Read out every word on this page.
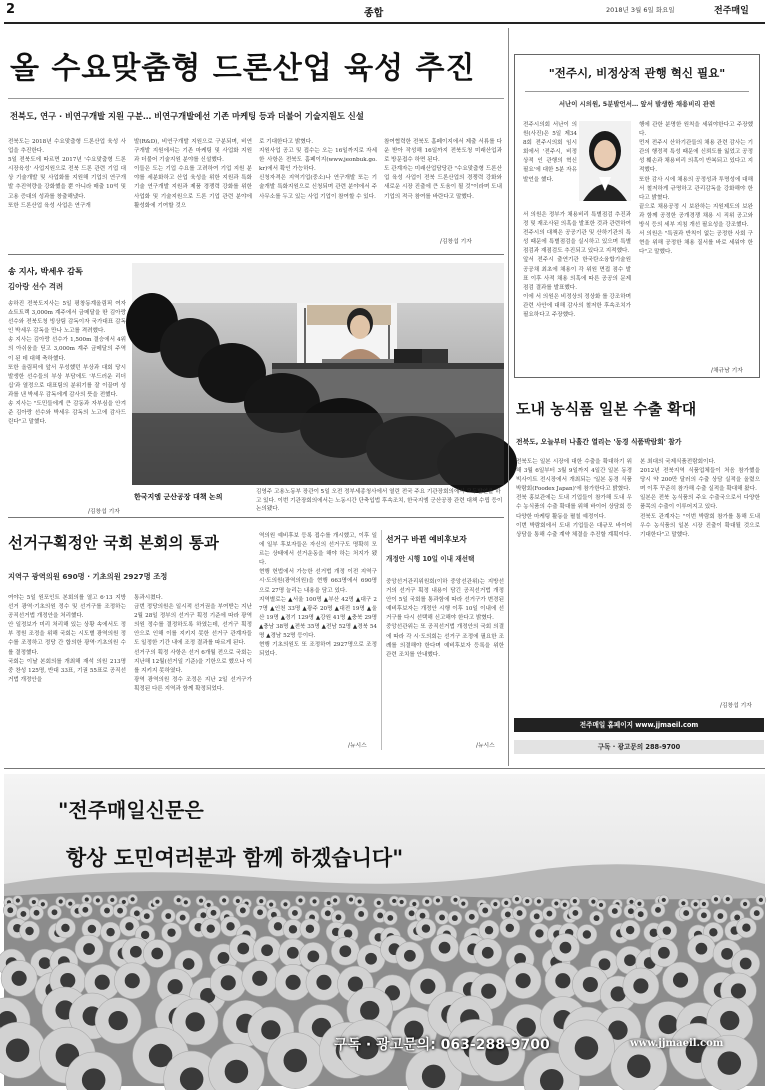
2	종합	2018년 3월 6일 화요일	전주매일
올 수요맞춤형 드론산업 육성 추진
전북도, 연구 · 비연구개발 지원 구분… 비연구개발에선 기존 마케팅 등과 더불어 기술지원도 신설
전북도는 2018년 수요맞춤형 드론산업 육성 사업을 추진한다.
5일 전북도에 따르면 2017년 '수요맞춤형 드론 시장육성' 사업지원으로 전북 드론 관련 기업 대상 기술개발 및 사업화를 지원해 기업의 연구개발 추진역량을 강화했을 뿐 아니라 매출 10억 및 고용 증대의 성과를 창출해냈다.
또한 드론산업 육성 사업은 연구개
발(R&D), 비연구개발 지원으로 구분되며, 비연구개발 지원에서는 기존 마케팅 및 사업화 지원과 더불어 기술지원 분야를 신설했다.
이들은 도는 기업 수요를 고려하여 기업 지원 분야를 세분화하고 산업 육성을 위한 지원과 특화기술 연구개발 지원과 제품 경쟁력 강화를 위한 사업화 및 기술지원으로 드론 기업 관련 분야에 활성화에 기여할 것으
로 기대한다고 밝혔다.
지원사업 공고 및 접수는 오는 16일까지로 자세한 사항은 전북도 홈페이지(www.jeonbuk.go.kr)에서 확인 가능하다.
신청자격은 지역기업(중소)나 연구개발 또는 기술개발 특화지원으로 신청되며 관련 분야에서 주 사무소를 두고 있는 사업 기업이 참여할 수 있다.
참여협력한 전북도 홈페이지에서 제출 서류를 다운 받아 작성해 16일까지 전북도청 미래산업과로 방문접수 하면 된다.
도 관계자는 미래산업담당관 "수요맞춤형 드론산업 육성 사업이 전북 드론산업의 경쟁력 강화와 새로운 시장 진출에 큰 도움이 될 것"이라며 도내 기업의 적극 참여를 바란다고 말했다.
/김창섭 기자
송 지사, 박세우 감독
김아랑 선수 격려
송하진 전북도지사는 5일 평창동계올림픽 여자 쇼트트랙 3,000m 계주에서 금메달을 딴 김아랑 선수와 전북도청 빙상팀 감독이자 국가대표 감독인 박세우 감독을 만나 노고를 격려했다.
송 지사는 김아랑 선수가 1,500m 결승에서 4위의 아쉬움을 딛고 3,000m 계주 금메달의 주역이 된 데 대해 축하했다.
또한 올림픽에 앞서 무성했던 부상과 대회 당시 발생한 선수들의 부상 부담에도 '부드러운 리더십'과 열정으로 대표팀의 분위기를 잘 이끌며 성과를 낸 박세우 감독에게 감사의 뜻을 전했다.
송 지사는 "도민들에게 큰 감동과 자부심을 안겨 준 김아랑 선수와 박세우 감독의 노고에 감사드린다"고 말했다.
/김창섭 기자
한국지엠 군산공장 대책 논의
김영주 고용노동부 장관이 5일 오전 정부세종청사에서 열린 전국 주요 기관장회의에서 모두발언을 하고 있다. 이번 기관장회의에서는 노동시간 단축입법 후속조치, 한국지엠 군산공장 관련 대책 수립 등이 논의됐다.
선거구획정안 국회 본회의 통과
지역구 광역의원 690명 · 기초의원 2927명 조정
여야는 5일 원포인트 본회의를 열고 6·13 지방선거 광역·기초의원 정수 및 선거구를 조정하는 공직선거법 개정안을 처리했다.
안 일정보가 미리 처리해 있는 상황 속에서도 정부 정원 조정을 위해 국회는 시도별 광역의원 정수를 조정하고 정당 간 합의한 광역·기초의원 수를 결정했다.
국회는 이날 본회의를 개최해 재석 의원 213명 중 찬성 125명, 반대 33표, 기권 55표로 공직선거법 개정안을
통과시켰다.
금번 정당의원은 일시적 선거권을 부여받는 지난 2월 28일 정부의 선거구 획정 기준에 따라 광역의원 정수를 결정하도록 하였는데, 선거구 획정안으로 인해 이를 지키지 못한 선거구 관계자들도 일정한 기간 내에 조정 결과를 따르게 된다.
선거구의 획정 사항은 선거 6개월 전으로 국회는 지난해 12월(선거일 기준)을 기한으로 했으나 이를 지키지 못하였다.
광역 광역의원 정수 조정은 지난 2일 선거구가 획정된 다른 지역과 함께 확정되었다.
역의원 예비후보 등록 접수를 개시했고, 이후 일에 일부 후보자들은 자신의 선거구도 명확히 모르는 상태에서 선거운동을 해야 하는 처지가 됐다.
현행 헌법에서 가능한 선거법 개정 이전 지역구 시·도의원(광역의원)을 현행 663명에서 690명으로 27명 늘리는 내용을 담고 있다.
지역별로는 ▲서울 100명 ▲부산 42명 ▲대구 27명 ▲인천 33명 ▲광주 20명 ▲대전 19명 ▲울산 19명 ▲경기 129명 ▲강원 41명 ▲충북 29명 ▲충남 38명 ▲전북 35명 ▲전남 52명 ▲경북 54명 ▲경남 52명 등이다.
현행 기초의원도 또 조정하여 2927명으로 조정되었다.
/뉴시스
선거구 바뀐 예비후보자
개정안 시행 10일 이내 재선택
중앙선거관리위원회(이하 중앙선관위)는 지방선거의 선거구 획정 내용이 담긴 공직선거법 개정안이 5일 국회를 통과함에 따라 선거구가 변경된 예비후보자는 개정안 시행 이후 10일 이내에 선거구를 다시 선택해 신고해야 한다고 밝혔다.
중앙선관위는 또 공직선거법 개정안의 국회 의결에 따라 각 시·도의회는 선거구 조정에 필요한 조례를 의결해야 한다며 예비후보자 등록을 위한 관련 조치를 안내했다.
/뉴시스
"전주시, 비정상적 관행 혁신 필요"
서난이 시의원, 5분발언서… 앞서 발생한 채용비리 관련
전주시의회 서난이 의원(사진)은 5일 제348회 전주시의회 임시회에서 '전주시, 비정상적 인 관행의 혁신 필요'에 대한 5분 자유 발언을 했다.
서 의원은 정부가 채용비리 특별점검 추진과정 및 재조사된 의혹을 발표한 것과 관련하여 전주시의 대책은 공공기관 및 산하기관의 특성 때문에 특별점검을 실시하고 있으며 특별점검과 재점검도 추진되고 있다고 지적했다.
앞서 전주시 출연기관 한국탄소융합기술원 공공채 최초에 채용이 각 위원 면접 점수 발표 이후 사적 채용 의혹에 따른 공공의 문제 점검 결과를 발표했다.
이에 서 의원은 비정상의 정상화 를 강조하며 관련 사안에 대해 감사의 철저한 후속조치가 필요하다고 주장했다.
행에 관한 분명한 원칙을 세워야한다고 주장했다.
먼저 전주시 산하기관들의 채용 관련 감사는 기관의 행정적 특성 때문에 신뢰도를 잃었고 공정성 훼손과 채용비리 의혹이 반복되고 있다고 지적했다.
또한 감사 시에 채용의 공정성과 투명성에 대해서 철저하게 규명하고 관리감독을 강화해야 한다고 밝혔다.
끝으로 채용공정 시 보완하는 지원제도의 보완과 함께 공정한 공개경쟁 채용 시 직위 공고와 방식 등의 세부 지침 개선 필요성을 강조했다.
서 의원은 "특권과 반칙이 없는 공정한 사회 구현을 위해 공정한 채용 질서를 바로 세워야 한다"고 말했다.
/채규남 기자
도내 농식품 일본 수출 확대
전북도, 오늘부터 나흘간 열리는 '동경 식품박람회' 참가
전북도는 일본 시장에 대한 수출을 확대하기 위해 3월 6일부터 3월 9일까지 4일간 일본 동경 빅사이트 전시장에서 개최되는 '일본 동경 식품박람회(Foodex Japan)'에 참가한다고 밝혔다.
전북 홍보관에는 도내 기업들이 참가해 도내 우수 농식품의 수출 확대를 위해 바이어 상담회 등 다양한 마케팅 활동을 펼칠 예정이다.
이번 박람회에서 도내 기업들은 대규모 바이어 상담을 통해 수출 계약 체결을 추진할 계획이다.
본 최대의 국제식품전람회이다.
2012년 전북지역 식품업체들이 처음 참가했을 당시 약 200만 달러의 수출 상담 실적을 올렸으며 이후 꾸준히 참가해 수출 실적을 확대해 왔다.
일본은 전북 농식품의 주요 수출국으로서 다양한 품목의 수출이 이루어지고 있다.
전북도 관계자는 "이번 박람회 참가를 통해 도내 우수 농식품의 일본 시장 진출이 확대될 것으로 기대한다"고 말했다.
/김창섭 기자
전주매일 홈페이지 www.jjmaeil.com
구독 · 광고문의 288-9700
"전주매일신문은
항상 도민여러분과 함께 하겠습니다"
구독 · 광고문의: 063-288-9700	www.jjmaeil.com
